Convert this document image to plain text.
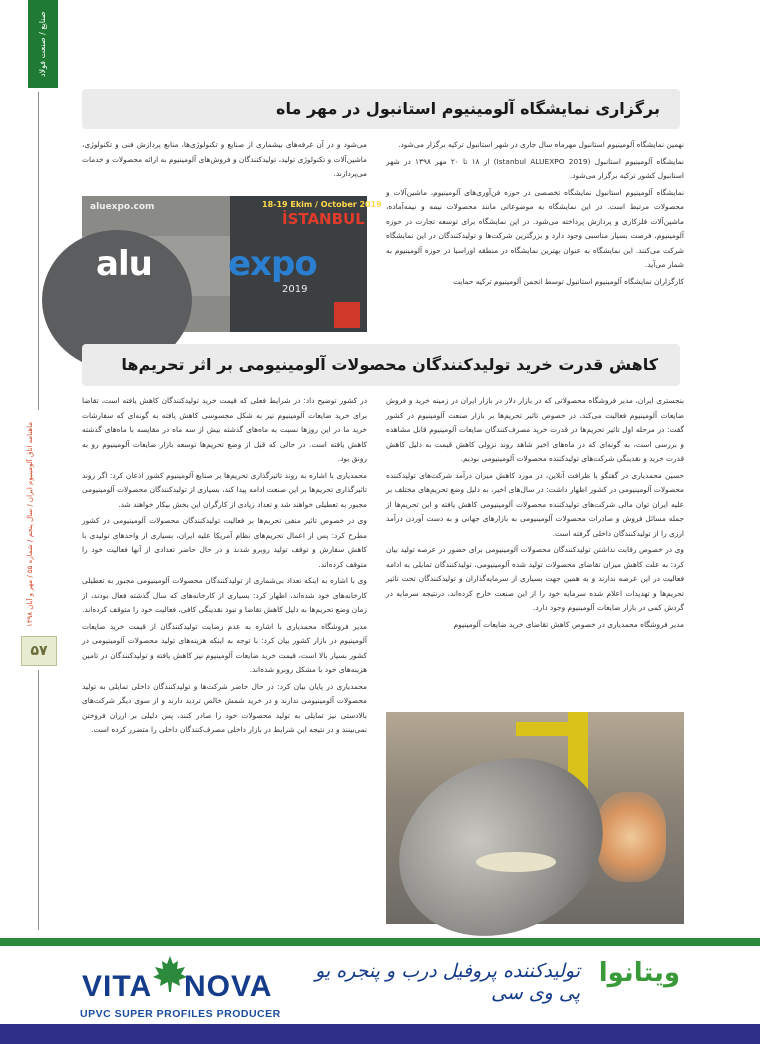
صنایع / صنعت فولاد
ماهنامه اتاق آلومینیوم ایران / سال پنجم / شماره ۵۵ / مهر و آبان ۱۳۹۸
۵۷
برگزاری نمایشگاه آلومینیوم استانبول در مهر ماه

نهمین نمایشگاه آلومینیوم استانبول مهرماه سال جاری در شهر استانبول ترکیه برگزار می‌شود.

نمایشگاه آلومینیوم استانبول (Istanbul ALUEXPO 2019) از ۱۸ تا ۲۰ مهر ۱۳۹۸ در شهر استانبول کشور ترکیه برگزار می‌شود.

نمایشگاه آلومینیوم استانبول نمایشگاه تخصصی در حوزه فن‌آوری‌های آلومینیوم، ماشین‌آلات و محصولات مرتبط است. در این نمایشگاه به موضوعاتی مانند محصولات نیمه و نیمه‌آماده، ماشین‌آلات فلزکاری و پردازش پرداخته می‌شود. در این نمایشگاه برای توسعه تجارت در حوزه آلومینیوم، فرصت بسیار مناسبی وجود دارد و بزرگترین شرکت‌ها و تولیدکنندگان در این نمایشگاه شرکت می‌کنند. این نمایشگاه به عنوان بهترین نمایشگاه در منطقه اوراسیا در حوزه آلومینیوم به شمار می‌آید.

کارگزاران نمایشگاه آلومینیوم استانبول توسط انجمن آلومینیوم ترکیه حمایت

می‌شود و در آن غرفه‌های بیشماری از صنایع و تکنولوژی‌ها، منابع پردازش فنی و تکنولوژی، ماشین‌آلات و تکنولوژی تولید، تولیدکنندگان و فروش‌های آلومینیوم به ارائه محصولات و خدمات می‌پردازند.

aluexpo.com	18-19 Ekim / October 2019
İSTANBUL
alu expo
2019
کاهش قدرت خرید تولیدکنندگان محصولات آلومینیومی بر اثر تحریم‌ها

بنجستری ایران، مدیر فروشگاه محصولاتی که در بازار دلار در بازار ایران در زمینه خرید و فروش ضایعات آلومینیوم فعالیت می‌کند، در خصوص تاثیر تحریم‌ها بر بازار صنعت آلومینیوم در کشور گفت: در مرحله اول تاثیر تحریم‌ها در قدرت خرید مصرف‌کنندگان ضایعات آلومینیوم قابل مشاهده و بررسی است، به گونه‌ای که در ماه‌های اخیر شاهد روند نزولی کاهش قیمت به دلیل کاهش قدرت خرید و نقدینگی شرکت‌های تولیدکننده محصولات آلومینیومی بودیم.

حسین محمدیاری در گفتگو با ظرافت آنلاین، در مورد کاهش میزان درآمد شرکت‌های تولیدکننده محصولات آلومینیومی در کشور اظهار داشت: در سال‌های اخیر، به دلیل وضع تحریم‌های مختلف بر علیه ایران توان مالی شرکت‌های تولیدکننده محصولات آلومینیومی کاهش یافته و این تحریم‌ها از جمله مسائل فروش و صادرات محصولات آلومینیومی به بازارهای جهانی و به دست آوردن درآمد ارزی را از تولیدکنندگان داخلی گرفته است.

وی در خصوص رقابت نداشتن تولیدکنندگان محصولات آلومینیومی برای حضور در عرصه تولید بیان کرد: به علت کاهش میزان تقاضای محصولات تولید شده آلومینیومی، تولیدکنندگان تمایلی به ادامه فعالیت در این عرصه ندارند و به همین جهت بسیاری از سرمایه‌گذاران و تولیدکنندگان تحت تاثیر تحریم‌ها و تهدیدات اعلام شده سرمایه خود را از این صنعت خارج کرده‌اند، درنتیجه سرمایه در گردش کمی در بازار ضایعات آلومینیوم وجود دارد.

مدیر فروشگاه محمدیاری در خصوص کاهش تقاضای خرید ضایعات آلومینیوم

در کشور توضیح داد: در شرایط فعلی که قیمت خرید تولیدکنندگان کاهش یافته است، تقاضا برای خرید ضایعات آلومینیوم نیز به شکل محسوسی کاهش یافته به گونه‌ای که سفارشات خرید ما در این روزها نسبت به ماه‌های گذشته بیش از سه ماه در مقایسه با ماه‌های گذشته کاهش یافته است. در حالی که قبل از وضع تحریم‌ها توسعه بازار ضایعات آلومینیوم رو به رونق بود.

محمدیاری با اشاره به روند تاثیرگذاری تحریم‌ها بر صنایع آلومینیوم کشور اذعان کرد: اگر روند تاثیرگذاری تحریم‌ها بر این صنعت ادامه پیدا کند، بسیاری از تولیدکنندگان محصولات آلومینیومی مجبور به تعطیلی خواهند شد و تعداد زیادی از کارگران این بخش بیکار خواهند شد.

وی در خصوص تاثیر منفی تحریم‌ها بر فعالیت تولیدکنندگان محصولات آلومینیومی در کشور مطرح کرد: پس از اعمال تحریم‌های نظام آمریکا علیه ایران، بسیاری از واحدهای تولیدی با کاهش سفارش و توقف تولید روبرو شدند و در حال حاضر تعدادی از آنها فعالیت خود را متوقف کرده‌اند.

وی با اشاره به اینکه تعداد بی‌شماری از تولیدکنندگان محصولات آلومینیومی مجبور به تعطیلی کارخانه‌های خود شده‌اند، اظهار کرد: بسیاری از کارخانه‌های که سال گذشته فعال بودند، از زمان وضع تحریم‌ها به دلیل کاهش تقاضا و نبود نقدینگی کافی، فعالیت خود را متوقف کرده‌اند.

مدیر فروشگاه محمدیاری با اشاره به عدم رضایت تولیدکنندگان از قیمت خرید ضایعات آلومینیوم در بازار کشور بیان کرد: با توجه به اینکه هزینه‌های تولید محصولات آلومینیومی در کشور بسیار بالا است، قیمت خرید ضایعات آلومینیوم نیز کاهش یافته و تولیدکنندگان در تامین هزینه‌های خود با مشکل روبرو شده‌اند.

محمدیاری در پایان بیان کرد: در حال حاضر شرکت‌ها و تولیدکنندگان داخلی تمایلی به تولید محصولات آلومینیومی ندارند و در خرید شمش خالص تردید دارند و از سوی دیگر شرکت‌های بالادستی نیز تمایلی به تولید محصولات خود را صادر کنند، پس دلیلی بر ارزان فروختن نمی‌بینند و در نتیجه این شرایط در بازار داخلی مصرف‌کنندگان داخلی را متضرر کرده است.

VITA NOVA
UPVC SUPER PROFILES PRODUCER
تولیدکننده پروفیل درب و پنجره یو پی وی سی
ویتانوا
